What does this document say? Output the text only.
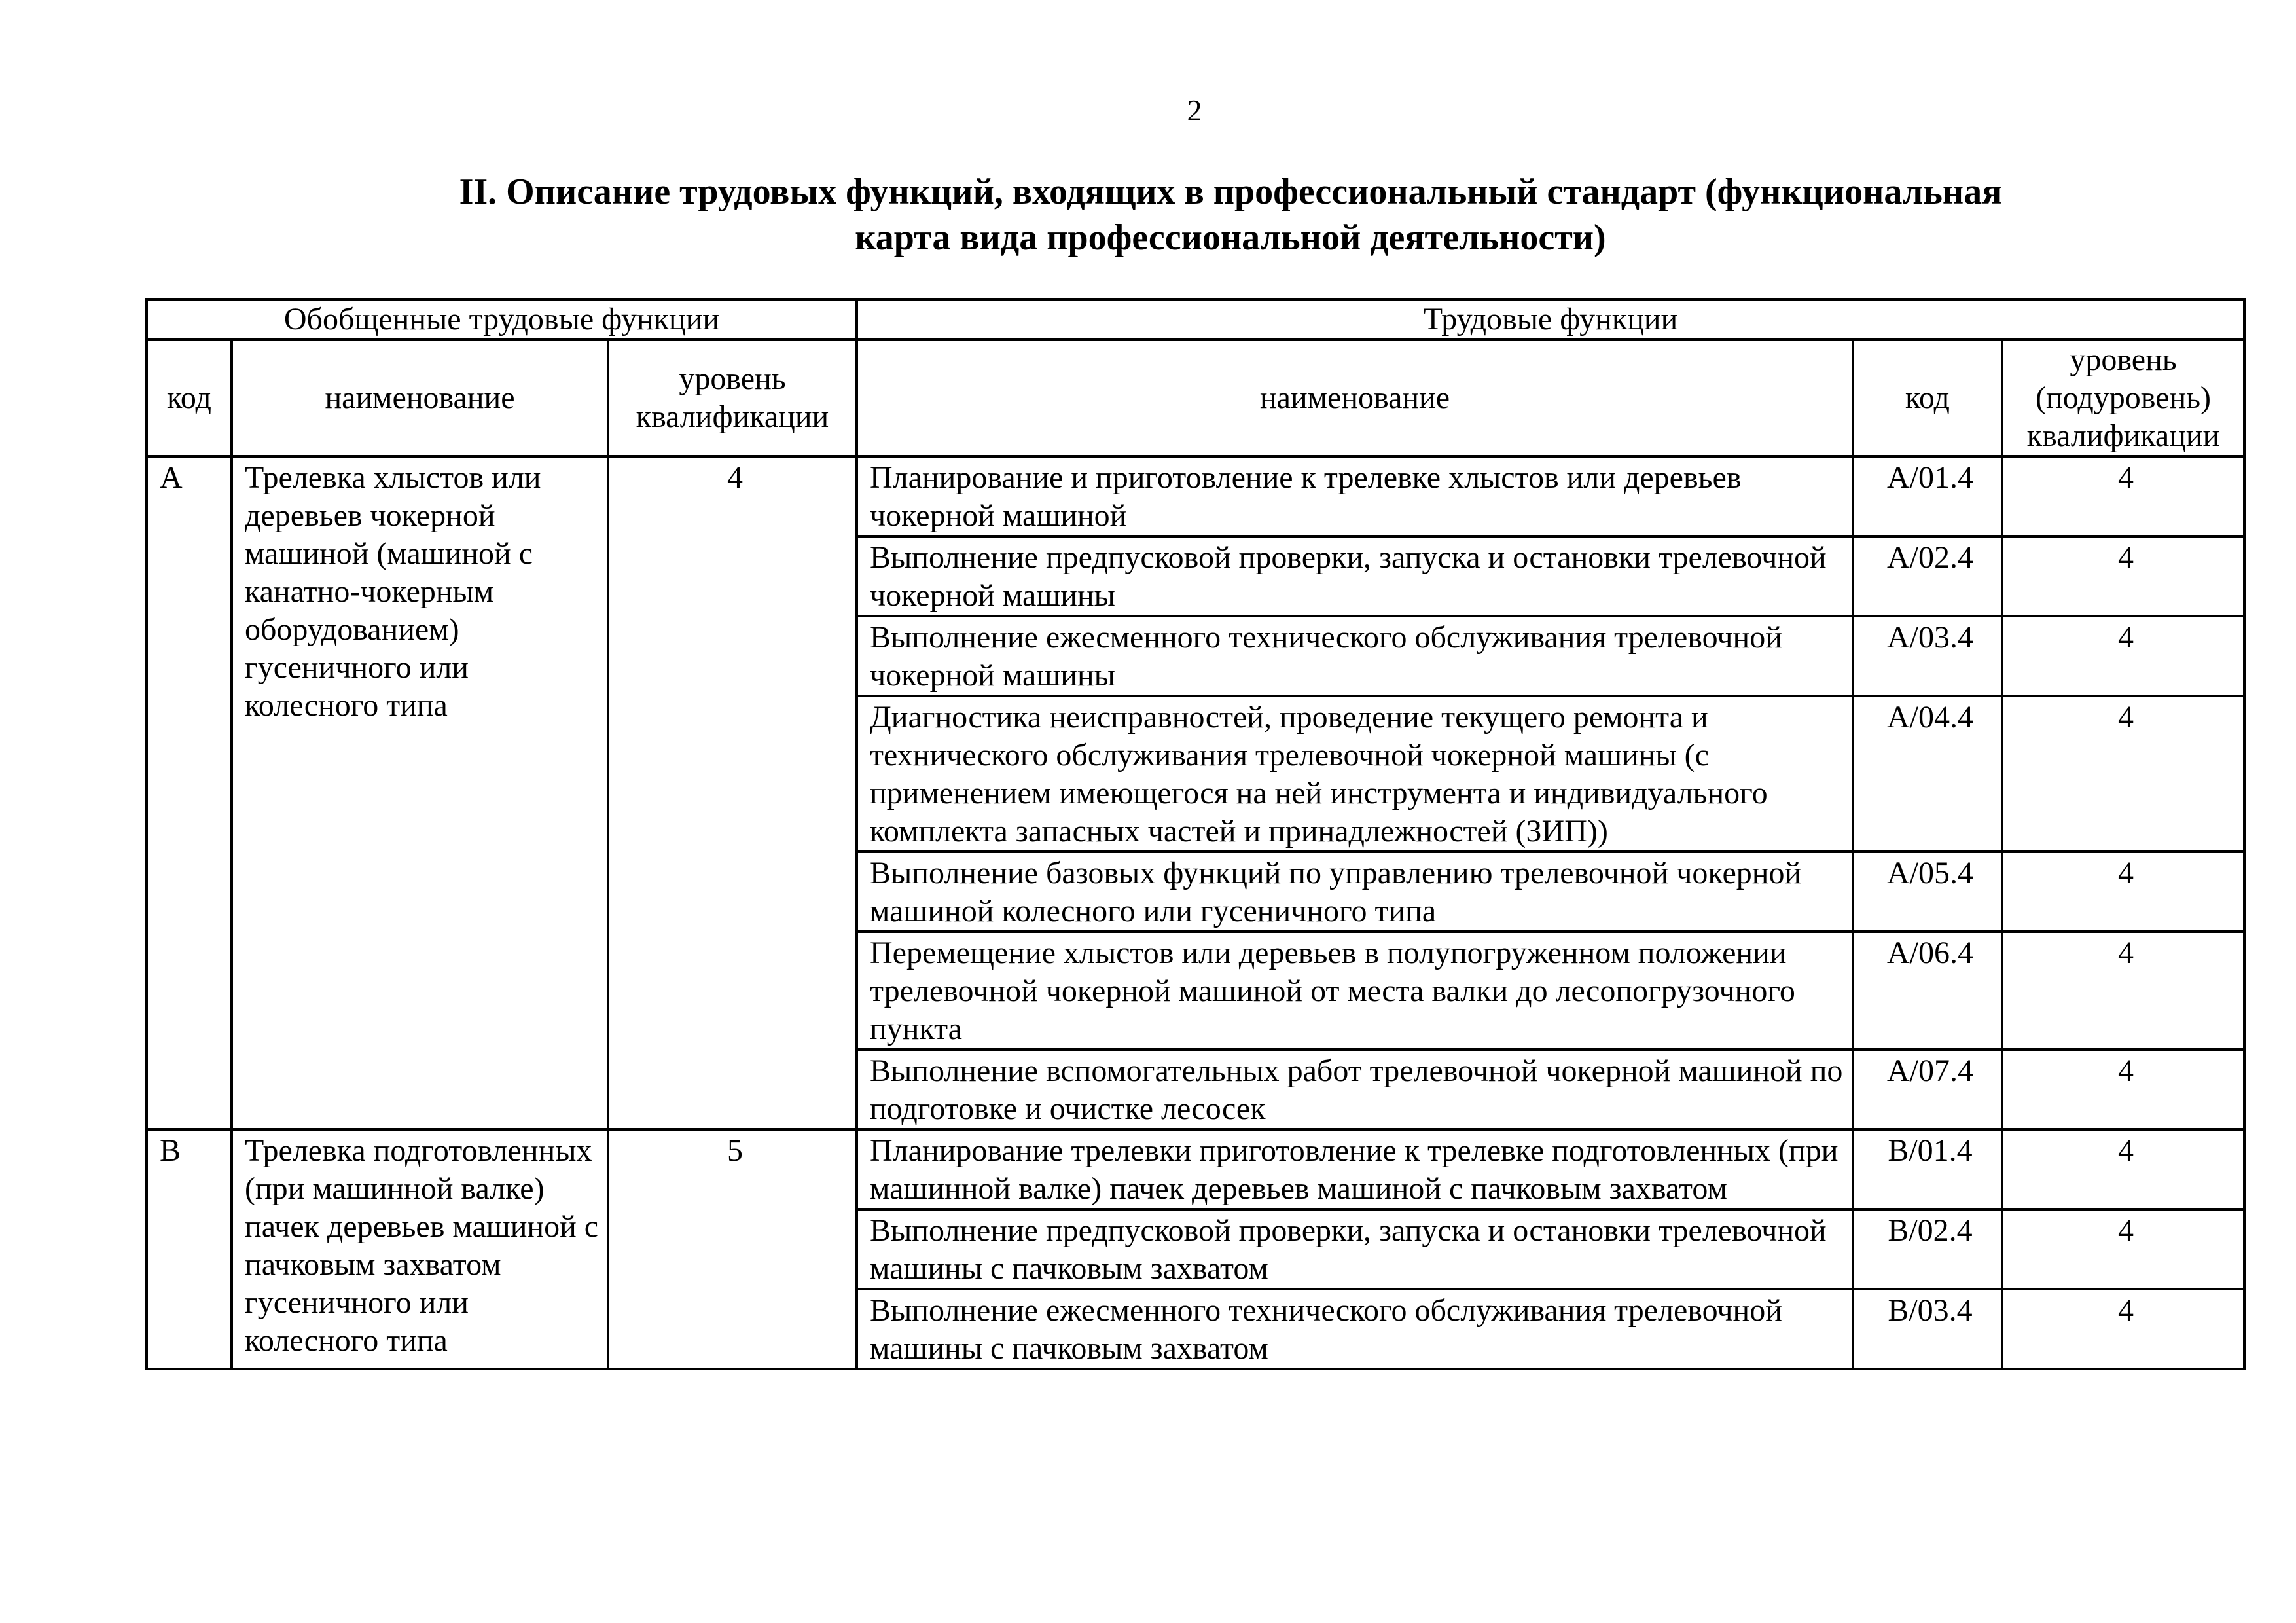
2
II. Описание трудовых функций, входящих в профессиональный стандарт (функциональная
карта вида профессиональной деятельности)
Обобщенные трудовые функции			Трудовые функции		
код	наименование	уровень квалификации	наименование	код	уровень (подуровень) квалификации
А	Трелевка хлыстов или деревьев чокерной машиной (машиной с канатно-чокерным оборудованием) гусеничного или колесного типа	4	Планирование и приготовление к трелевке хлыстов или деревьев чокерной машиной	А/01.4	4
			Выполнение предпусковой проверки, запуска и остановки трелевочной чокерной машины	А/02.4	4
			Выполнение ежесменного технического обслуживания трелевочной чокерной машины	А/03.4	4
			Диагностика неисправностей, проведение текущего ремонта и технического обслуживания трелевочной чокерной машины (с применением имеющегося на ней инструмента и индивидуального комплекта запасных частей и принадлежностей (ЗИП))	А/04.4	4
			Выполнение базовых функций по управлению трелевочной чокерной машиной колесного или гусеничного типа	А/05.4	4
			Перемещение хлыстов или деревьев в полупогруженном положении трелевочной чокерной машиной от места валки до лесопогрузочного пункта	А/06.4	4
			Выполнение вспомогательных работ трелевочной чокерной машиной по подготовке и очистке лесосек	А/07.4	4
В	Трелевка подготовленных (при машинной валке) пачек деревьев машиной с пачковым захватом гусеничного или колесного типа	5	Планирование трелевки приготовление к трелевке подготовленных (при машинной валке) пачек деревьев машиной с пачковым захватом	В/01.4	4
			Выполнение предпусковой проверки, запуска и остановки трелевочной машины с пачковым захватом	В/02.4	4
			Выполнение ежесменного технического обслуживания трелевочной машины с пачковым захватом	В/03.4	4
